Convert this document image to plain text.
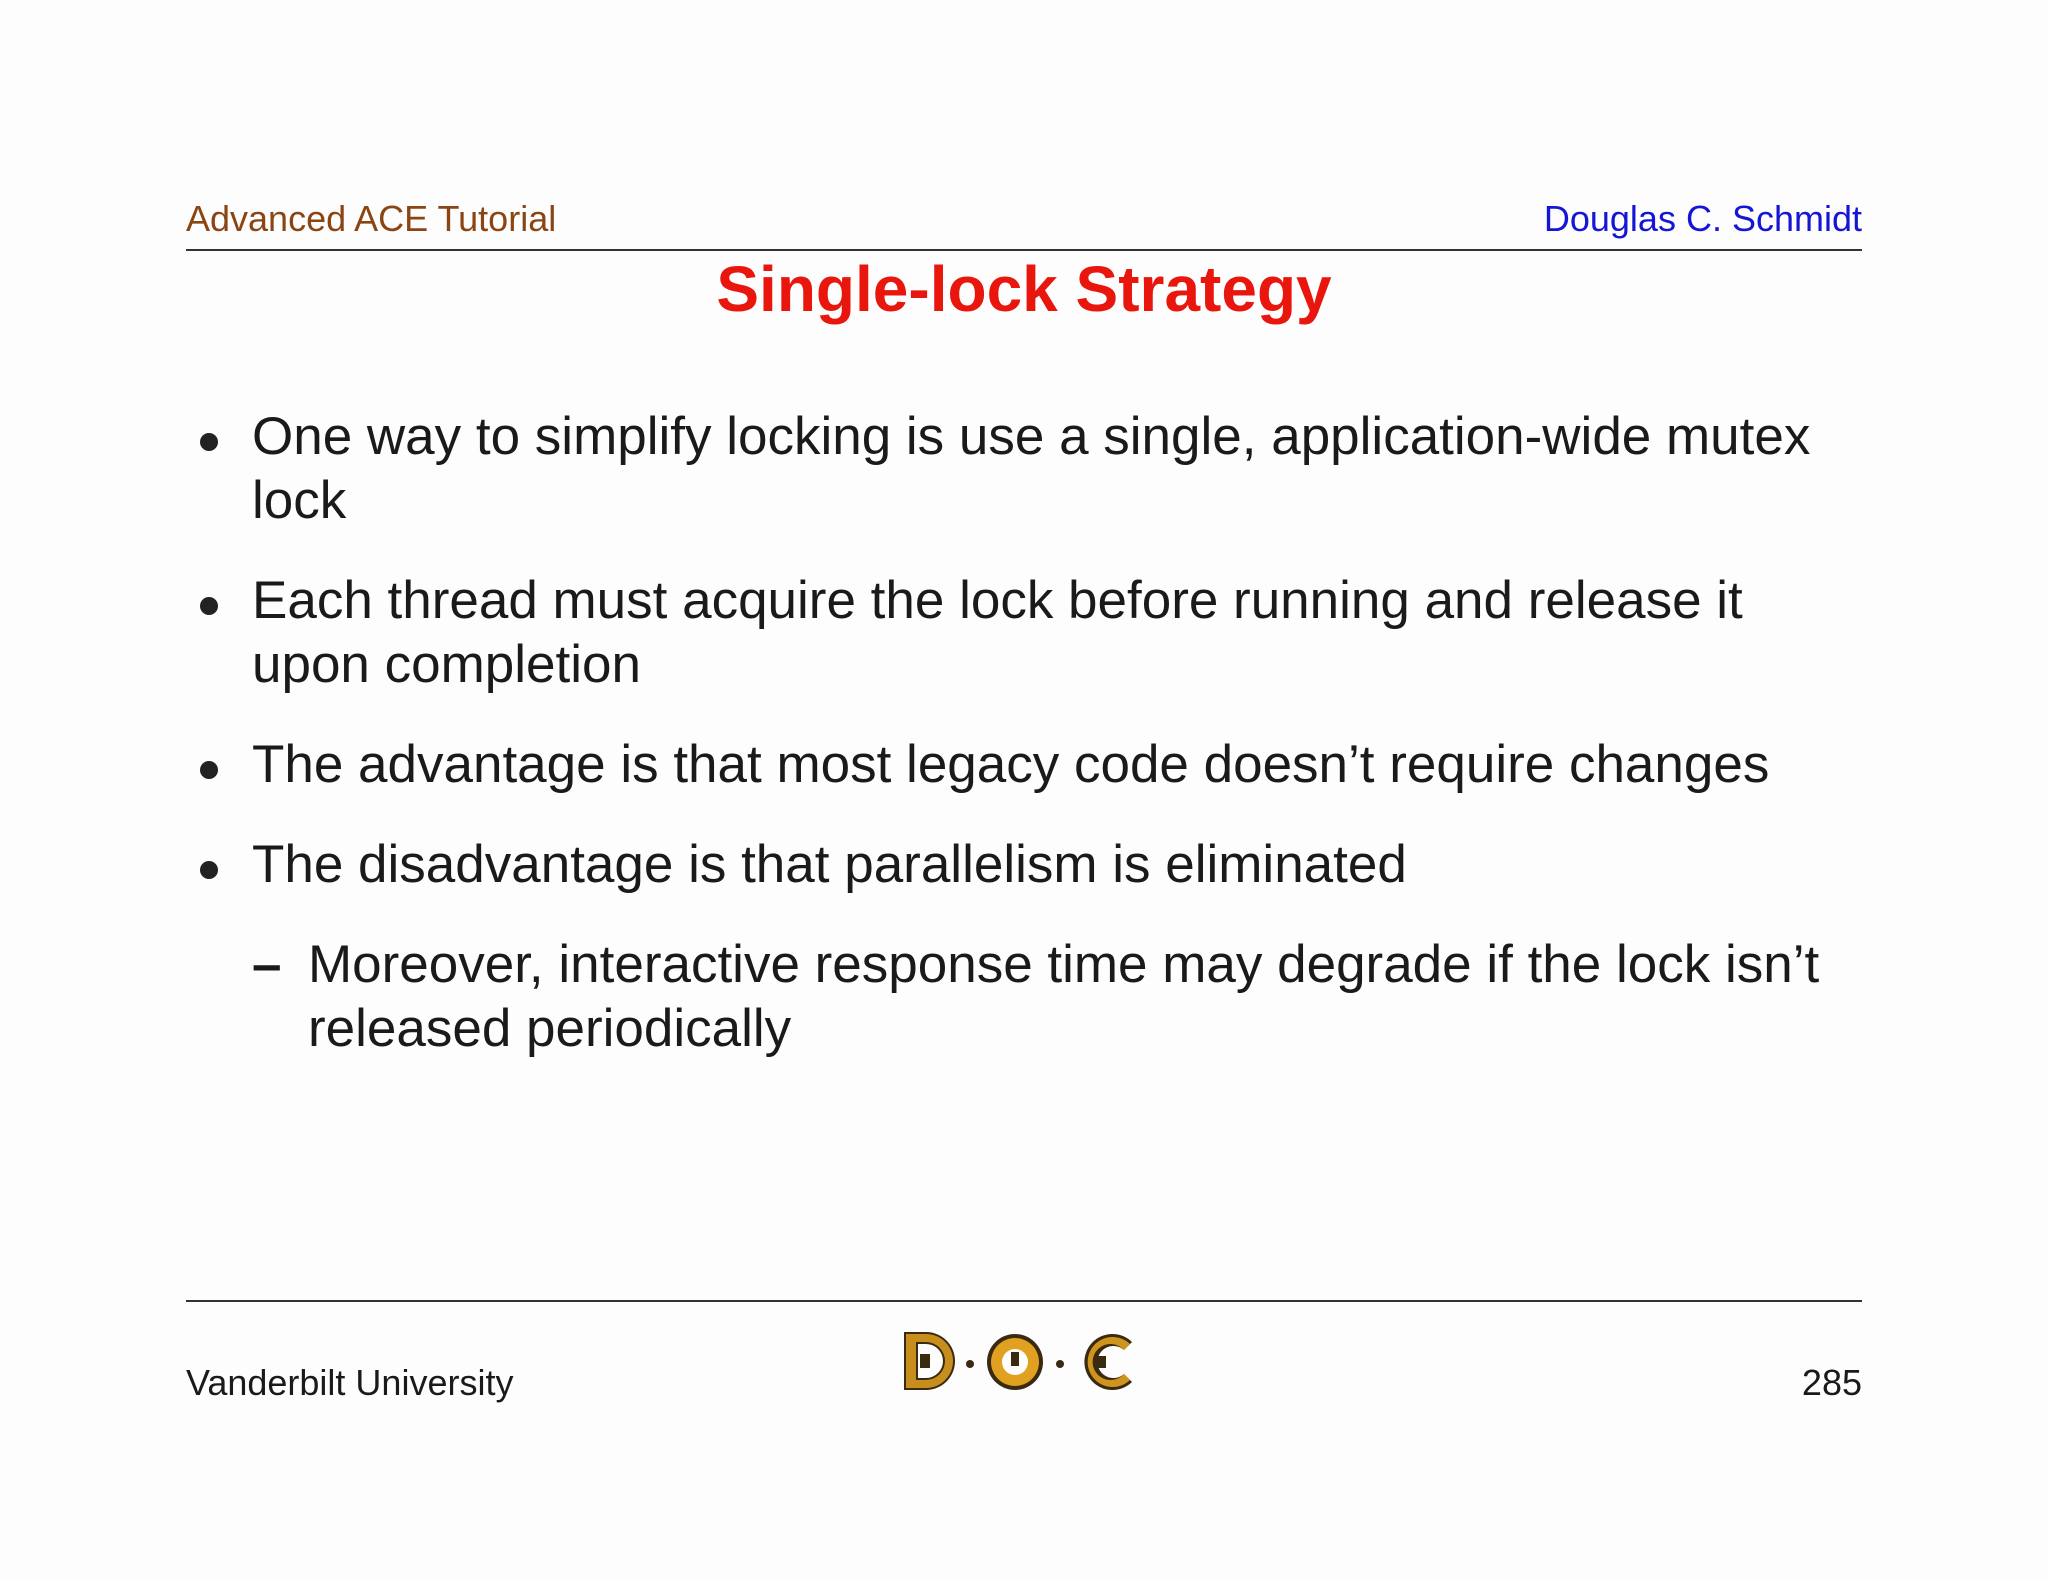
Advanced ACE Tutorial	Douglas C. Schmidt
Single-lock Strategy
One way to simplify locking is use a single, application-wide mutex lock
Each thread must acquire the lock before running and release it upon completion
The advantage is that most legacy code doesn’t require changes
The disadvantage is that parallelism is eliminated
– Moreover, interactive response time may degrade if the lock isn’t released periodically
Vanderbilt University	285
